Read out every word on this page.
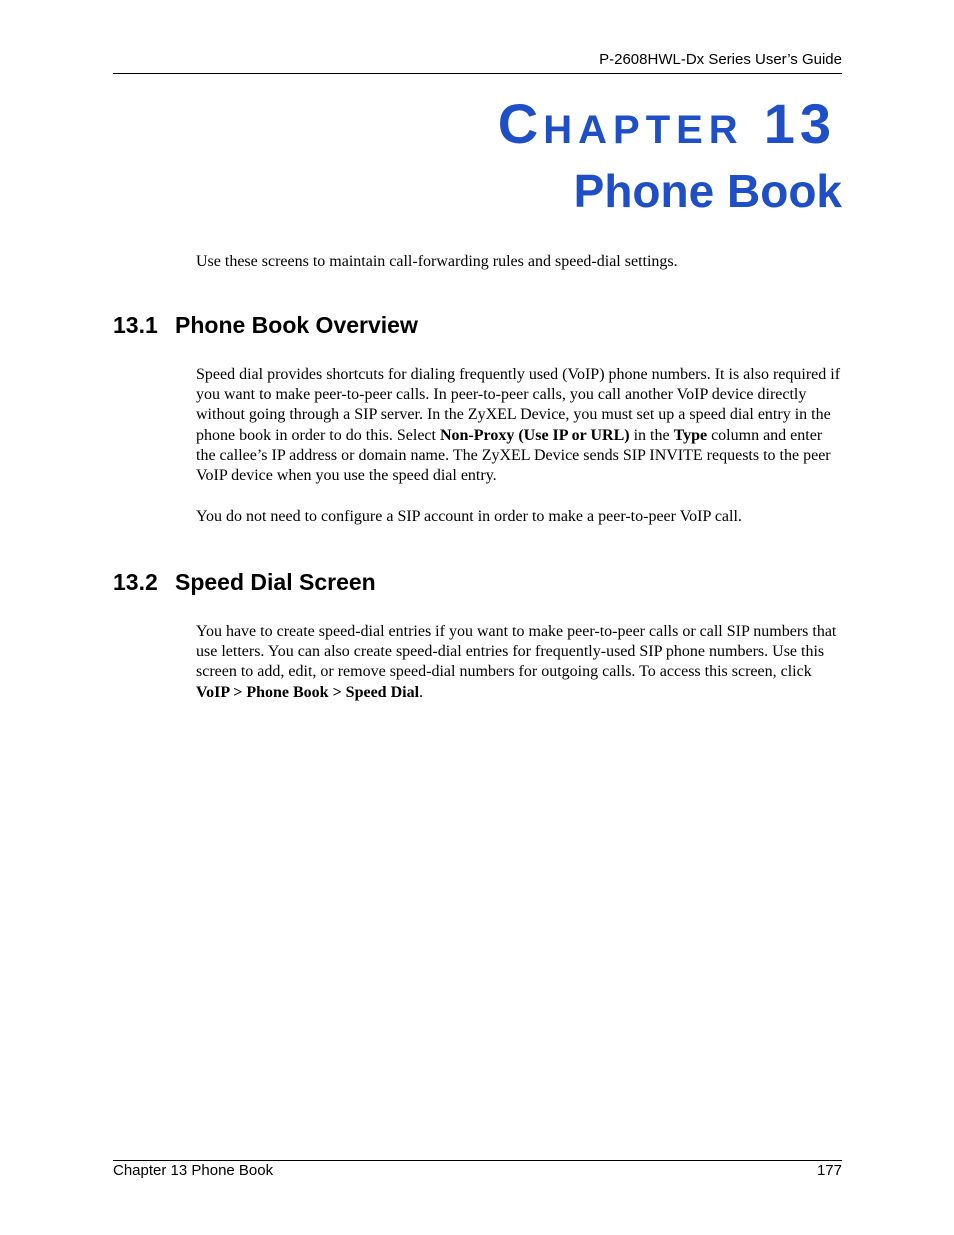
P-2608HWL-Dx Series User’s Guide
CHAPTER 13
Phone Book

Use these screens to maintain call-forwarding rules and speed-dial settings.

13.1 Phone Book Overview

Speed dial provides shortcuts for dialing frequently used (VoIP) phone numbers. It is also required if you want to make peer-to-peer calls. In peer-to-peer calls, you call another VoIP device directly without going through a SIP server. In the ZyXEL Device, you must set up a speed dial entry in the phone book in order to do this. Select Non-Proxy (Use IP or URL) in the Type column and enter the callee’s IP address or domain name. The ZyXEL Device sends SIP INVITE requests to the peer VoIP device when you use the speed dial entry.

You do not need to configure a SIP account in order to make a peer-to-peer VoIP call.

13.2 Speed Dial Screen

You have to create speed-dial entries if you want to make peer-to-peer calls or call SIP numbers that use letters. You can also create speed-dial entries for frequently-used SIP phone numbers. Use this screen to add, edit, or remove speed-dial numbers for outgoing calls. To access this screen, click VoIP > Phone Book > Speed Dial.

Chapter 13 Phone Book	177
